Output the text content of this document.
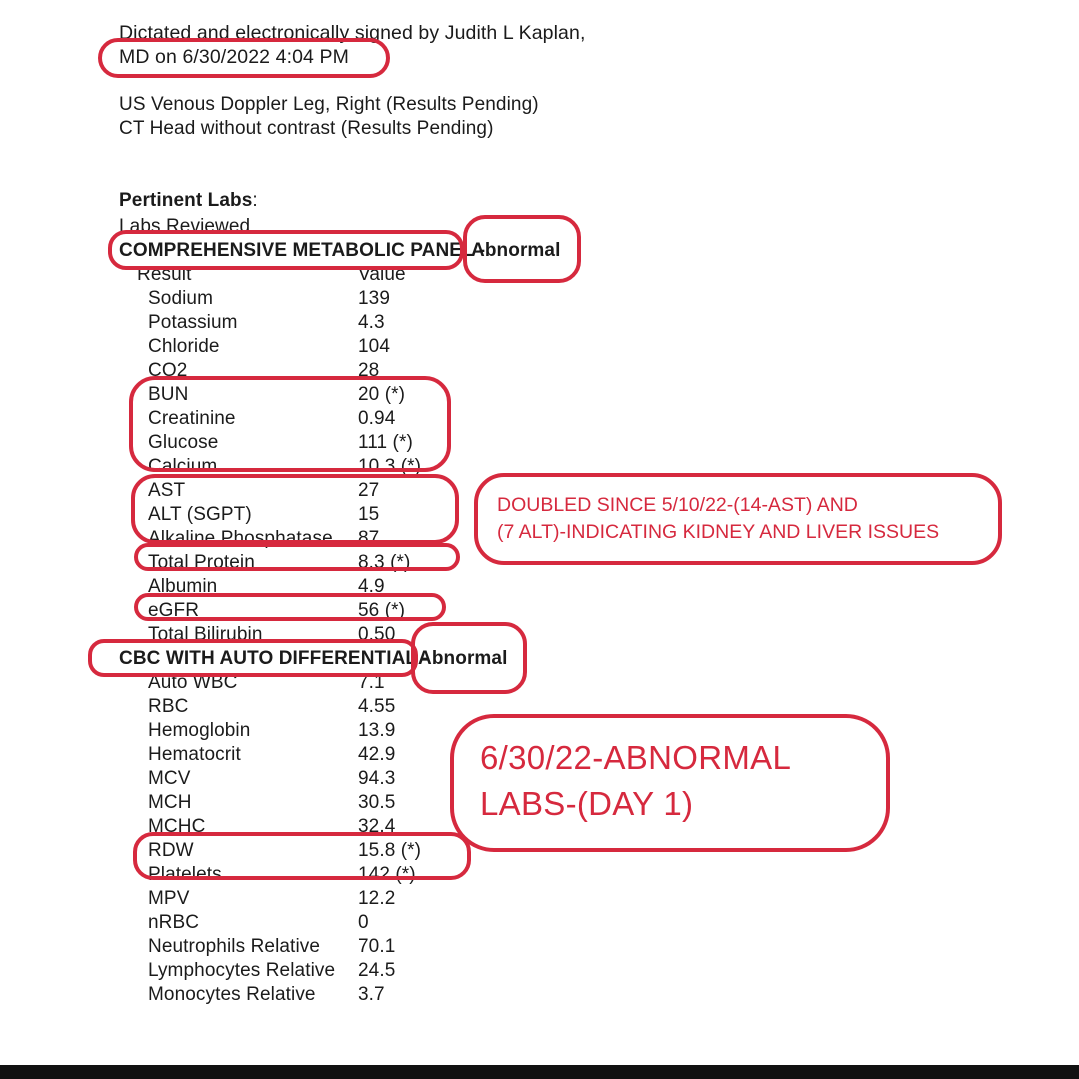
Dictated and electronically signed by Judith L Kaplan,
MD on 6/30/2022 4:04 PM
US Venous Doppler Leg, Right (Results Pending)
CT Head without contrast (Results Pending)
Pertinent Labs:
Labs Reviewed
COMPREHENSIVE METABOLIC PANEL -
Abnormal
Result	Value
Sodium	139
Potassium	4.3
Chloride	104
CO2	28
BUN	20 (*)
Creatinine	0.94
Glucose	111 (*)
Calcium	10.3 (*)
AST	27
ALT (SGPT)	15
Alkaline Phosphatase 87
Total Protein	8.3 (*)
Albumin	4.9
eGFR	56 (*)
Total Bilirubin	0.50
CBC WITH AUTO DIFFERENTIAL -
Abnormal
Auto WBC	7.1
RBC	4.55
Hemoglobin	13.9
Hematocrit	42.9
MCV	94.3
MCH	30.5
MCHC	32.4
RDW	15.8 (*)
Platelets	142 (*)
MPV	12.2
nRBC	0
Neutrophils Relative 70.1
Lymphocytes Relative 24.5
Monocytes Relative 3.7
DOUBLED SINCE 5/10/22-(14-AST) AND
(7 ALT)-INDICATING KIDNEY AND LIVER ISSUES
6/30/22-ABNORMAL
LABS-(DAY 1)
